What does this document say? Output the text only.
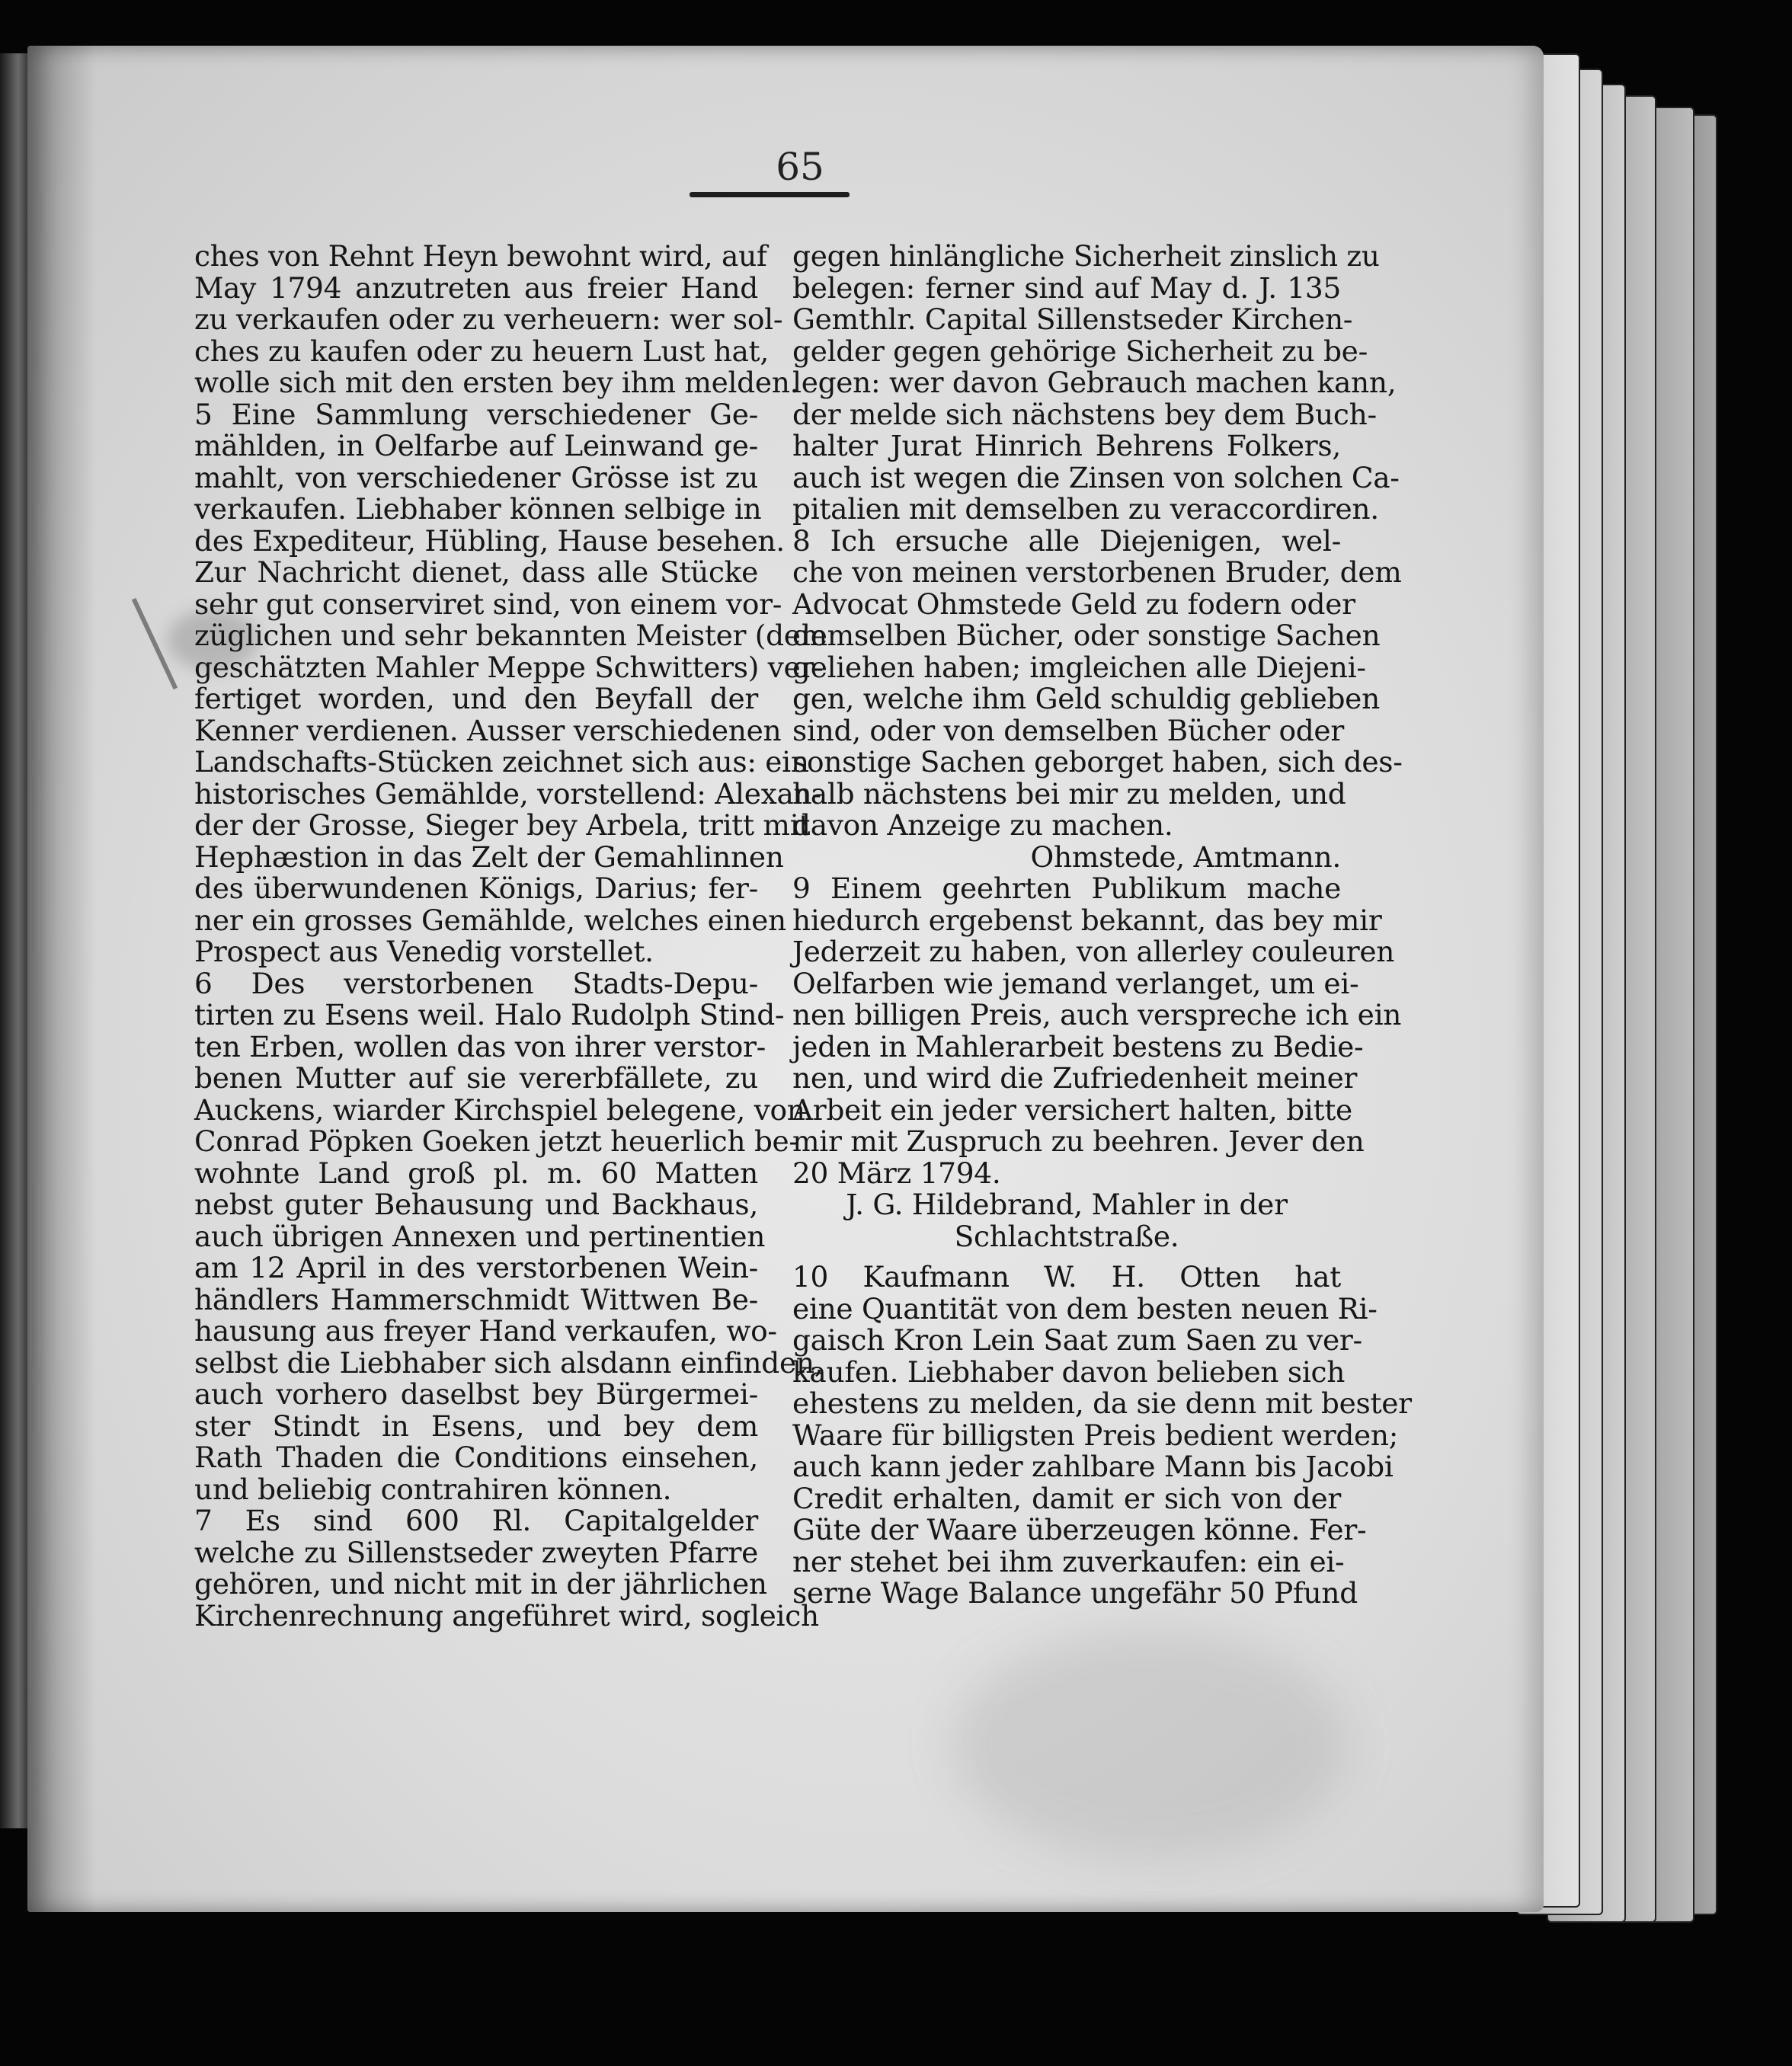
65
ches von Rehnt Heyn bewohnt wird, auf
May 1794 anzutreten aus freier Hand
zu verkaufen oder zu verheuern: wer sol-
ches zu kaufen oder zu heuern Lust hat,
wolle sich mit den ersten bey ihm melden.
5 Eine Sammlung verschiedener Ge-
mählden, in Oelfarbe auf Leinwand ge-
mahlt, von verschiedener Grösse ist zu
verkaufen. Liebhaber können selbige in
des Expediteur, Hübling, Hause besehen.
Zur Nachricht dienet, dass alle Stücke
sehr gut conserviret sind, von einem vor-
züglichen und sehr bekannten Meister (dem
geschätzten Mahler Meppe Schwitters) ver-
fertiget worden, und den Beyfall der
Kenner verdienen. Ausser verschiedenen
Landschafts-Stücken zeichnet sich aus: ein
historisches Gemählde, vorstellend: Alexan-
der der Grosse, Sieger bey Arbela, tritt mit
Hephæstion in das Zelt der Gemahlinnen
des überwundenen Königs, Darius; fer-
ner ein grosses Gemählde, welches einen
Prospect aus Venedig vorstellet.
6 Des verstorbenen Stadts-Depu-
tirten zu Esens weil. Halo Rudolph Stind-
ten Erben, wollen das von ihrer verstor-
benen Mutter auf sie vererbfällete, zu
Auckens, wiarder Kirchspiel belegene, von
Conrad Pöpken Goeken jetzt heuerlich be-
wohnte Land groß pl. m. 60 Matten
nebst guter Behausung und Backhaus,
auch übrigen Annexen und pertinentien
am 12 April in des verstorbenen Wein-
händlers Hammerschmidt Wittwen Be-
hausung aus freyer Hand verkaufen, wo-
selbst die Liebhaber sich alsdann einfinden,
auch vorhero daselbst bey Bürgermei-
ster Stindt in Esens, und bey dem
Rath Thaden die Conditions einsehen,
und beliebig contrahiren können.
7 Es sind 600 Rl. Capitalgelder
welche zu Sillenstseder zweyten Pfarre
gehören, und nicht mit in der jährlichen
Kirchenrechnung angeführet wird, sogleich
gegen hinlängliche Sicherheit zinslich zu
belegen: ferner sind auf May d. J. 135
Gemthlr. Capital Sillenstseder Kirchen-
gelder gegen gehörige Sicherheit zu be-
legen: wer davon Gebrauch machen kann,
der melde sich nächstens bey dem Buch-
halter Jurat Hinrich Behrens Folkers,
auch ist wegen die Zinsen von solchen Ca-
pitalien mit demselben zu veraccordiren.
8 Ich ersuche alle Diejenigen, wel-
che von meinen verstorbenen Bruder, dem
Advocat Ohmstede Geld zu fodern oder
demselben Bücher, oder sonstige Sachen
geliehen haben; imgleichen alle Diejeni-
gen, welche ihm Geld schuldig geblieben
sind, oder von demselben Bücher oder
sonstige Sachen geborget haben, sich des-
halb nächstens bei mir zu melden, und
davon Anzeige zu machen.
Ohmstede, Amtmann.
9 Einem geehrten Publikum mache
hiedurch ergebenst bekannt, das bey mir
Jederzeit zu haben, von allerley couleuren
Oelfarben wie jemand verlanget, um ei-
nen billigen Preis, auch verspreche ich ein
jeden in Mahlerarbeit bestens zu Bedie-
nen, und wird die Zufriedenheit meiner
Arbeit ein jeder versichert halten, bitte
mir mit Zuspruch zu beehren. Jever den
20 März 1794.
J. G. Hildebrand, Mahler in der
Schlachtstraße.
10 Kaufmann W. H. Otten hat
eine Quantität von dem besten neuen Ri-
gaisch Kron Lein Saat zum Saen zu ver-
kaufen. Liebhaber davon belieben sich
ehestens zu melden, da sie denn mit bester
Waare für billigsten Preis bedient werden;
auch kann jeder zahlbare Mann bis Jacobi
Credit erhalten, damit er sich von der
Güte der Waare überzeugen könne. Fer-
ner stehet bei ihm zuverkaufen: ein ei-
serne Wage Balance ungefähr 50 Pfund
